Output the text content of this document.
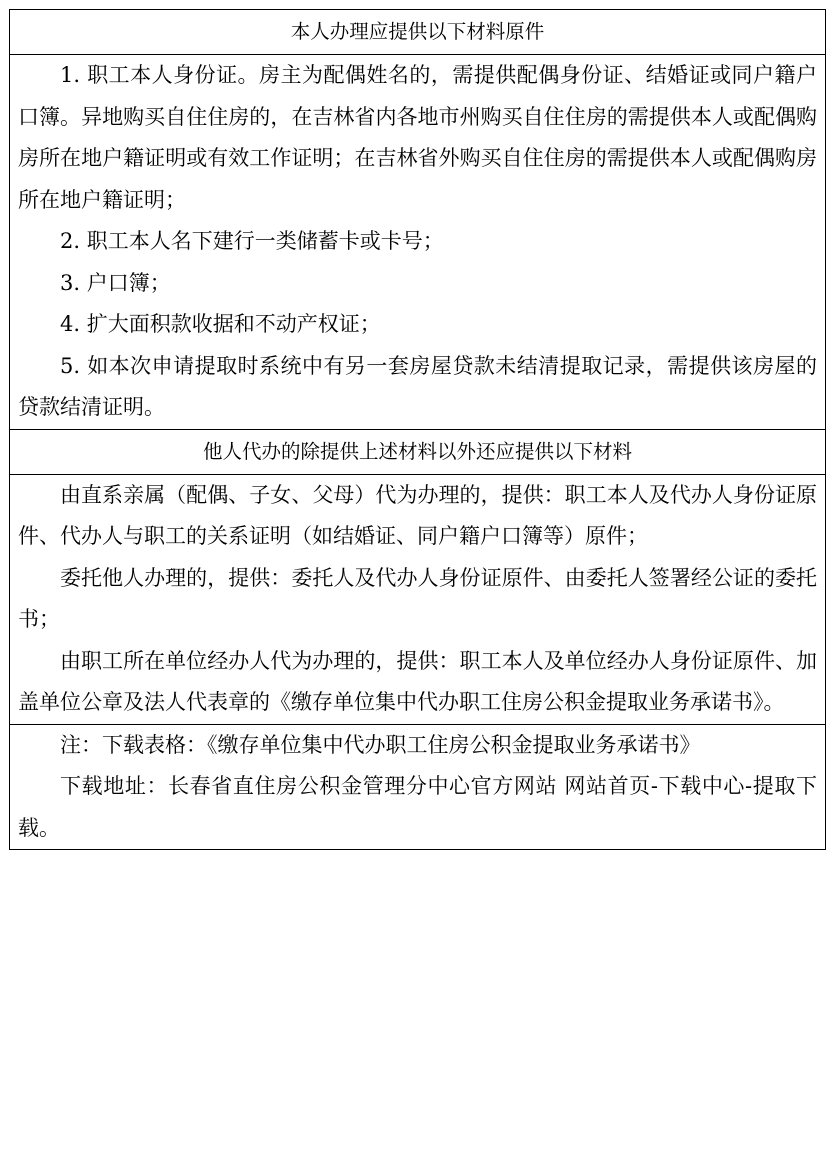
本人办理应提供以下材料原件

1. 职工本人身份证。房主为配偶姓名的，需提供配偶身份证、结婚证或同户籍户口簿。异地购买自住住房的，在吉林省内各地市州购买自住住房的需提供本人或配偶购房所在地户籍证明或有效工作证明；在吉林省外购买自住住房的需提供本人或配偶购房所在地户籍证明；

2. 职工本人名下建行一类储蓄卡或卡号；

3. 户口簿；

4. 扩大面积款收据和不动产权证；

5. 如本次申请提取时系统中有另一套房屋贷款未结清提取记录，需提供该房屋的贷款结清证明。

他人代办的除提供上述材料以外还应提供以下材料

由直系亲属（配偶、子女、父母）代为办理的，提供：职工本人及代办人身份证原件、代办人与职工的关系证明（如结婚证、同户籍户口簿等）原件；

委托他人办理的，提供：委托人及代办人身份证原件、由委托人签署经公证的委托书；

由职工所在单位经办人代为办理的，提供：职工本人及单位经办人身份证原件、加盖单位公章及法人代表章的《缴存单位集中代办职工住房公积金提取业务承诺书》。

注：下载表格：《缴存单位集中代办职工住房公积金提取业务承诺书》

下载地址：长春省直住房公积金管理分中心官方网站 网站首页-下载中心-提取下载。
